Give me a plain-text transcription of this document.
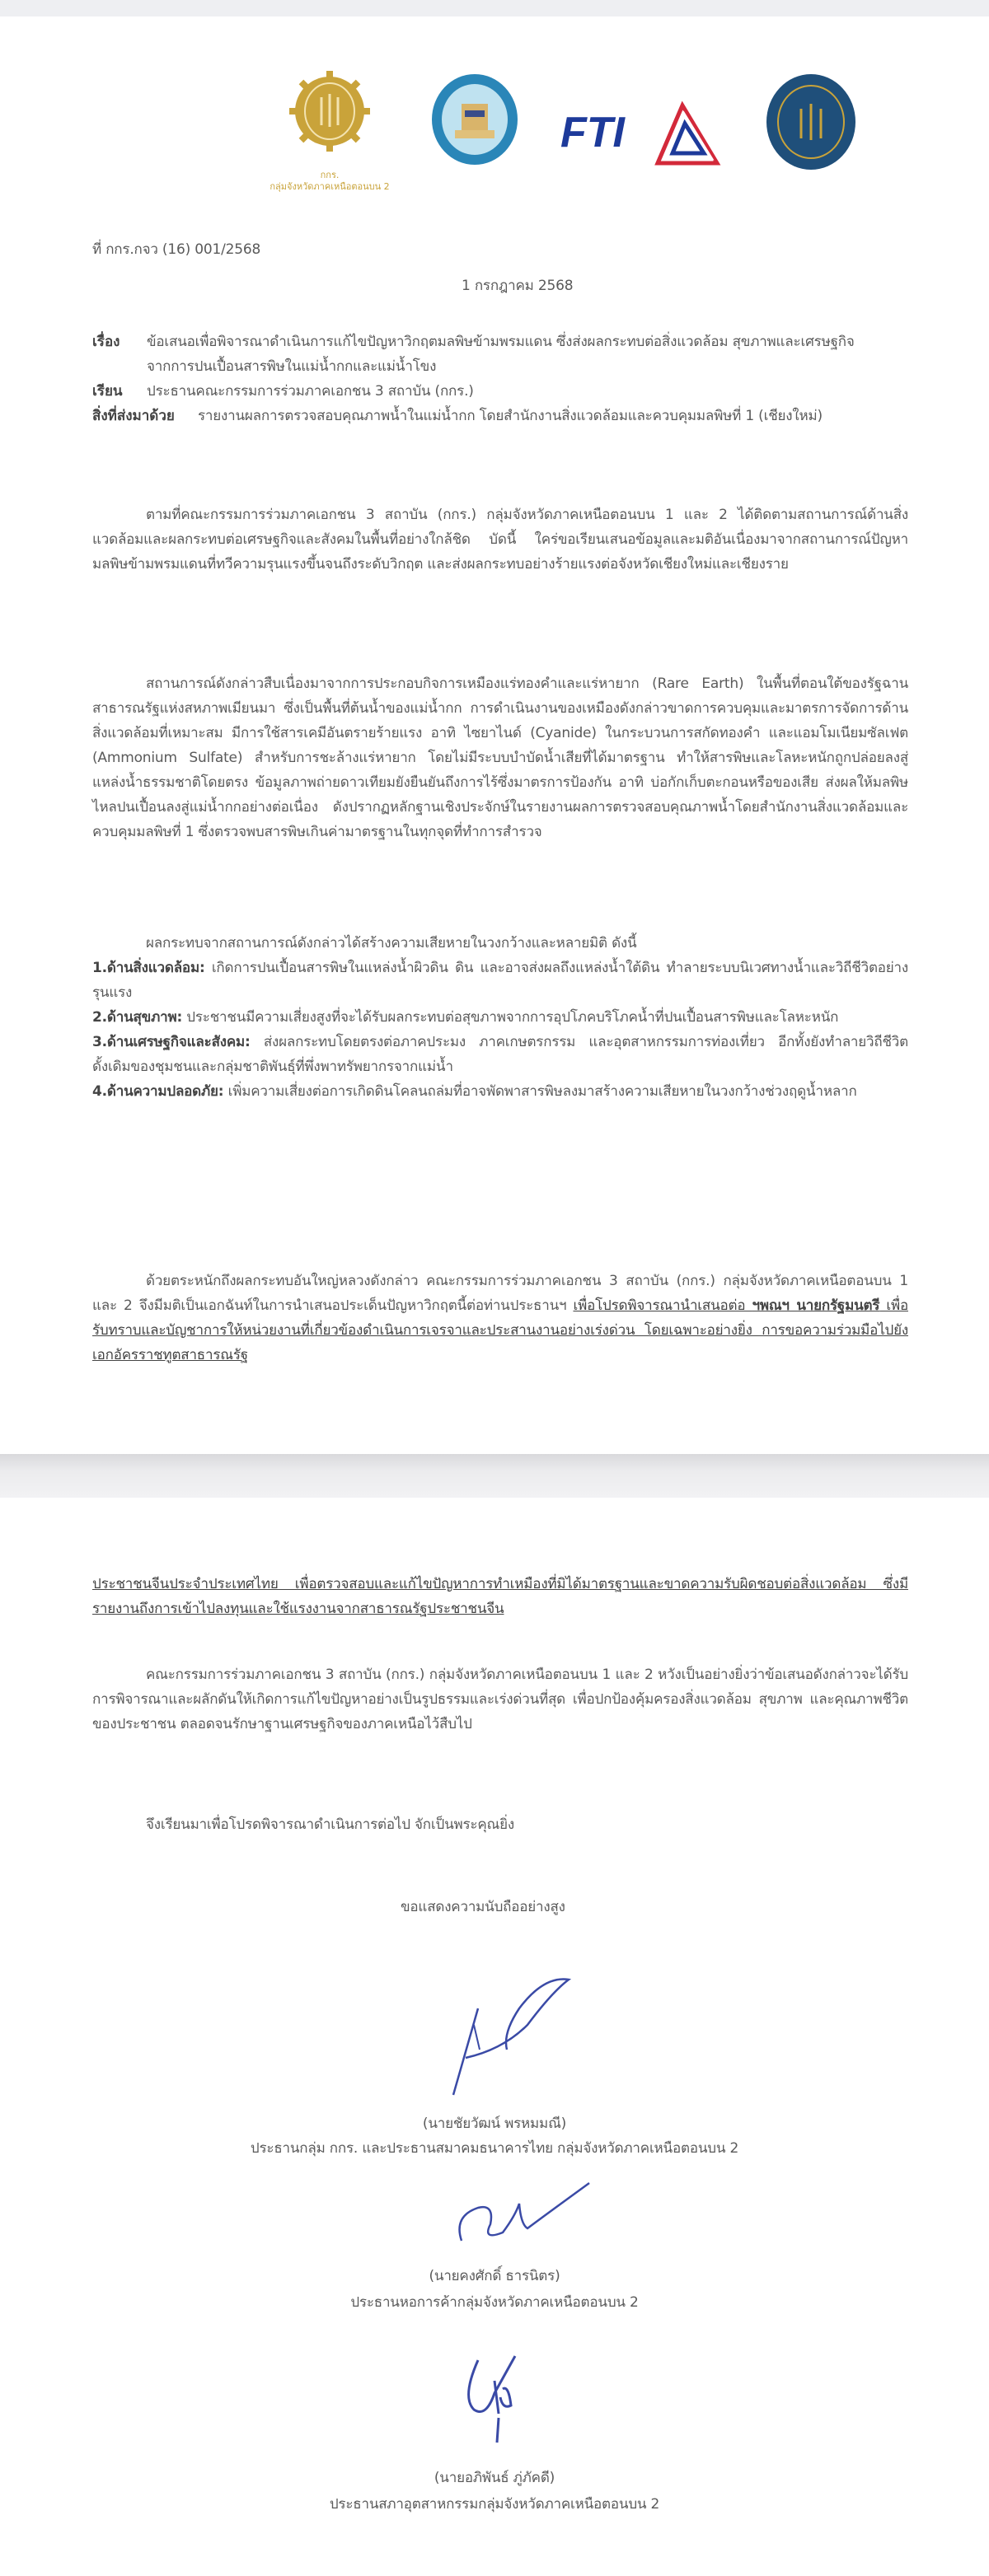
กกร.
กลุ่มจังหวัดภาคเหนือตอนบน 2
FTI
ที่ กกร.กจว (16) 001/2568
1 กรกฎาคม 2568
เรื่อง ข้อเสนอเพื่อพิจารณาดำเนินการแก้ไขปัญหาวิกฤตมลพิษข้ามพรมแดน ซึ่งส่งผลกระทบต่อสิ่งแวดล้อม สุขภาพและเศรษฐกิจ จากการปนเปื้อนสารพิษในแม่น้ำกกและแม่น้ำโขง
เรียน ประธานคณะกรรมการร่วมภาคเอกชน 3 สถาบัน (กกร.)
สิ่งที่ส่งมาด้วย รายงานผลการตรวจสอบคุณภาพน้ำในแม่น้ำกก โดยสำนักงานสิ่งแวดล้อมและควบคุมมลพิษที่ 1 (เชียงใหม่)
ตามที่คณะกรรมการร่วมภาคเอกชน 3 สถาบัน (กกร.) กลุ่มจังหวัดภาคเหนือตอนบน 1 และ 2 ได้ติดตามสถานการณ์ด้านสิ่งแวดล้อมและผลกระทบต่อเศรษฐกิจและสังคมในพื้นที่อย่างใกล้ชิด บัดนี้ ใคร่ขอเรียนเสนอข้อมูลและมติอันเนื่องมาจากสถานการณ์ปัญหามลพิษข้ามพรมแดนที่ทวีความรุนแรงขึ้นจนถึงระดับวิกฤต และส่งผลกระทบอย่างร้ายแรงต่อจังหวัดเชียงใหม่และเชียงราย
สถานการณ์ดังกล่าวสืบเนื่องมาจากการประกอบกิจการเหมืองแร่ทองคำและแร่หายาก (Rare Earth) ในพื้นที่ตอนใต้ของรัฐฉาน สาธารณรัฐแห่งสหภาพเมียนมา ซึ่งเป็นพื้นที่ต้นน้ำของแม่น้ำกก การดำเนินงานของเหมืองดังกล่าวขาดการควบคุมและมาตรการจัดการด้านสิ่งแวดล้อมที่เหมาะสม มีการใช้สารเคมีอันตรายร้ายแรง อาทิ ไซยาไนด์ (Cyanide) ในกระบวนการสกัดทองคำ และแอมโมเนียมซัลเฟต (Ammonium Sulfate) สำหรับการชะล้างแร่หายาก โดยไม่มีระบบบำบัดน้ำเสียที่ได้มาตรฐาน ทำให้สารพิษและโลหะหนักถูกปล่อยลงสู่แหล่งน้ำธรรมชาติโดยตรง ข้อมูลภาพถ่ายดาวเทียมยังยืนยันถึงการไร้ซึ่งมาตรการป้องกัน อาทิ บ่อกักเก็บตะกอนหรือของเสีย ส่งผลให้มลพิษไหลปนเปื้อนลงสู่แม่น้ำกกอย่างต่อเนื่อง ดังปรากฏหลักฐานเชิงประจักษ์ในรายงานผลการตรวจสอบคุณภาพน้ำโดยสำนักงานสิ่งแวดล้อมและควบคุมมลพิษที่ 1 ซึ่งตรวจพบสารพิษเกินค่ามาตรฐานในทุกจุดที่ทำการสำรวจ
ผลกระทบจากสถานการณ์ดังกล่าวได้สร้างความเสียหายในวงกว้างและหลายมิติ ดังนี้
1.ด้านสิ่งแวดล้อม: เกิดการปนเปื้อนสารพิษในแหล่งน้ำผิวดิน ดิน และอาจส่งผลถึงแหล่งน้ำใต้ดิน ทำลายระบบนิเวศทางน้ำและวิถีชีวิตอย่างรุนแรง
2.ด้านสุขภาพ: ประชาชนมีความเสี่ยงสูงที่จะได้รับผลกระทบต่อสุขภาพจากการอุปโภคบริโภคน้ำที่ปนเปื้อนสารพิษและโลหะหนัก
3.ด้านเศรษฐกิจและสังคม: ส่งผลกระทบโดยตรงต่อภาคประมง ภาคเกษตรกรรม และอุตสาหกรรมการท่องเที่ยว อีกทั้งยังทำลายวิถีชีวิตดั้งเดิมของชุมชนและกลุ่มชาติพันธุ์ที่พึ่งพาทรัพยากรจากแม่น้ำ
4.ด้านความปลอดภัย: เพิ่มความเสี่ยงต่อการเกิดดินโคลนถล่มที่อาจพัดพาสารพิษลงมาสร้างความเสียหายในวงกว้างช่วงฤดูน้ำหลาก
ด้วยตระหนักถึงผลกระทบอันใหญ่หลวงดังกล่าว คณะกรรมการร่วมภาคเอกชน 3 สถาบัน (กกร.) กลุ่มจังหวัดภาคเหนือตอนบน 1 และ 2 จึงมีมติเป็นเอกฉันท์ในการนำเสนอประเด็นปัญหาวิกฤตนี้ต่อท่านประธานฯ เพื่อโปรดพิจารณานำเสนอต่อ ฯพณฯ นายกรัฐมนตรี เพื่อรับทราบและบัญชาการให้หน่วยงานที่เกี่ยวข้องดำเนินการเจรจาและประสานงานอย่างเร่งด่วน โดยเฉพาะอย่างยิ่ง การขอความร่วมมือไปยังเอกอัครราชทูตสาธารณรัฐ
ประชาชนจีนประจำประเทศไทย เพื่อตรวจสอบและแก้ไขปัญหาการทำเหมืองที่มิได้มาตรฐานและขาดความรับผิดชอบต่อสิ่งแวดล้อม ซึ่งมีรายงานถึงการเข้าไปลงทุนและใช้แรงงานจากสาธารณรัฐประชาชนจีน
คณะกรรมการร่วมภาคเอกชน 3 สถาบัน (กกร.) กลุ่มจังหวัดภาคเหนือตอนบน 1 และ 2 หวังเป็นอย่างยิ่งว่าข้อเสนอดังกล่าวจะได้รับการพิจารณาและผลักดันให้เกิดการแก้ไขปัญหาอย่างเป็นรูปธรรมและเร่งด่วนที่สุด เพื่อปกป้องคุ้มครองสิ่งแวดล้อม สุขภาพ และคุณภาพชีวิตของประชาชน ตลอดจนรักษาฐานเศรษฐกิจของภาคเหนือไว้สืบไป
จึงเรียนมาเพื่อโปรดพิจารณาดำเนินการต่อไป จักเป็นพระคุณยิ่ง
ขอแสดงความนับถืออย่างสูง
(นายชัยวัฒน์ พรหมมณี)
ประธานกลุ่ม กกร. และประธานสมาคมธนาคารไทย กลุ่มจังหวัดภาคเหนือตอนบน 2
(นายคงศักดิ์ ธารนิตร)
ประธานหอการค้ากลุ่มจังหวัดภาคเหนือตอนบน 2
(นายอภิพันธ์ ภู่ภัคดี)
ประธานสภาอุตสาหกรรมกลุ่มจังหวัดภาคเหนือตอนบน 2
